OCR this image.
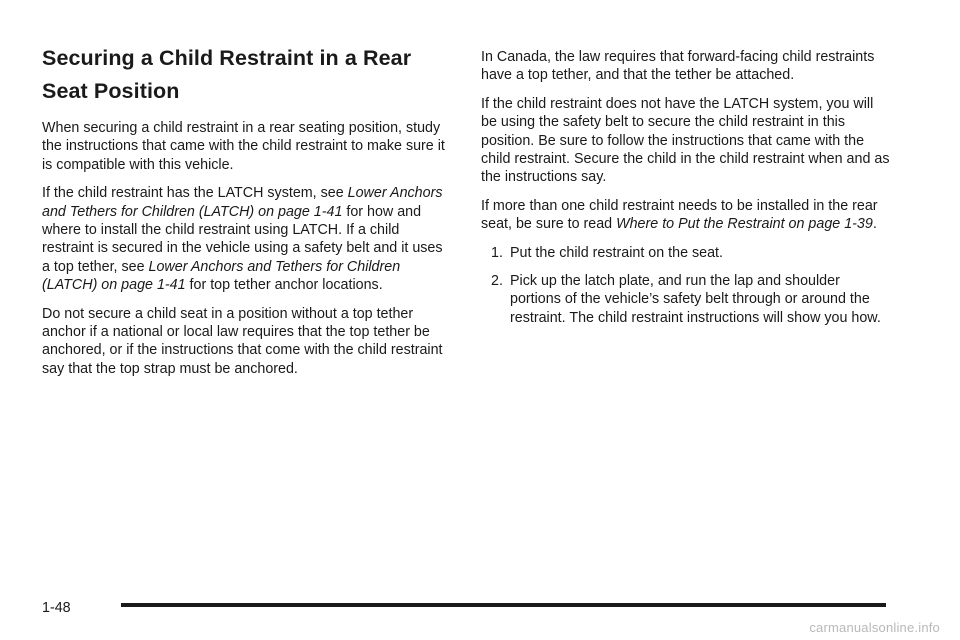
Securing a Child Restraint in a Rear Seat Position

When securing a child restraint in a rear seating position, study the instructions that came with the child restraint to make sure it is compatible with this vehicle.

If the child restraint has the LATCH system, see Lower Anchors and Tethers for Children (LATCH) on page 1-41 for how and where to install the child restraint using LATCH. If a child restraint is secured in the vehicle using a safety belt and it uses a top tether, see Lower Anchors and Tethers for Children (LATCH) on page 1-41 for top tether anchor locations.

Do not secure a child seat in a position without a top tether anchor if a national or local law requires that the top tether be anchored, or if the instructions that come with the child restraint say that the top strap must be anchored.

In Canada, the law requires that forward-facing child restraints have a top tether, and that the tether be attached.

If the child restraint does not have the LATCH system, you will be using the safety belt to secure the child restraint in this position. Be sure to follow the instructions that came with the child restraint. Secure the child in the child restraint when and as the instructions say.

If more than one child restraint needs to be installed in the rear seat, be sure to read Where to Put the Restraint on page 1-39.

1. Put the child restraint on the seat.
2. Pick up the latch plate, and run the lap and shoulder portions of the vehicle’s safety belt through or around the restraint. The child restraint instructions will show you how.
1-48
carmanualsonline.info
